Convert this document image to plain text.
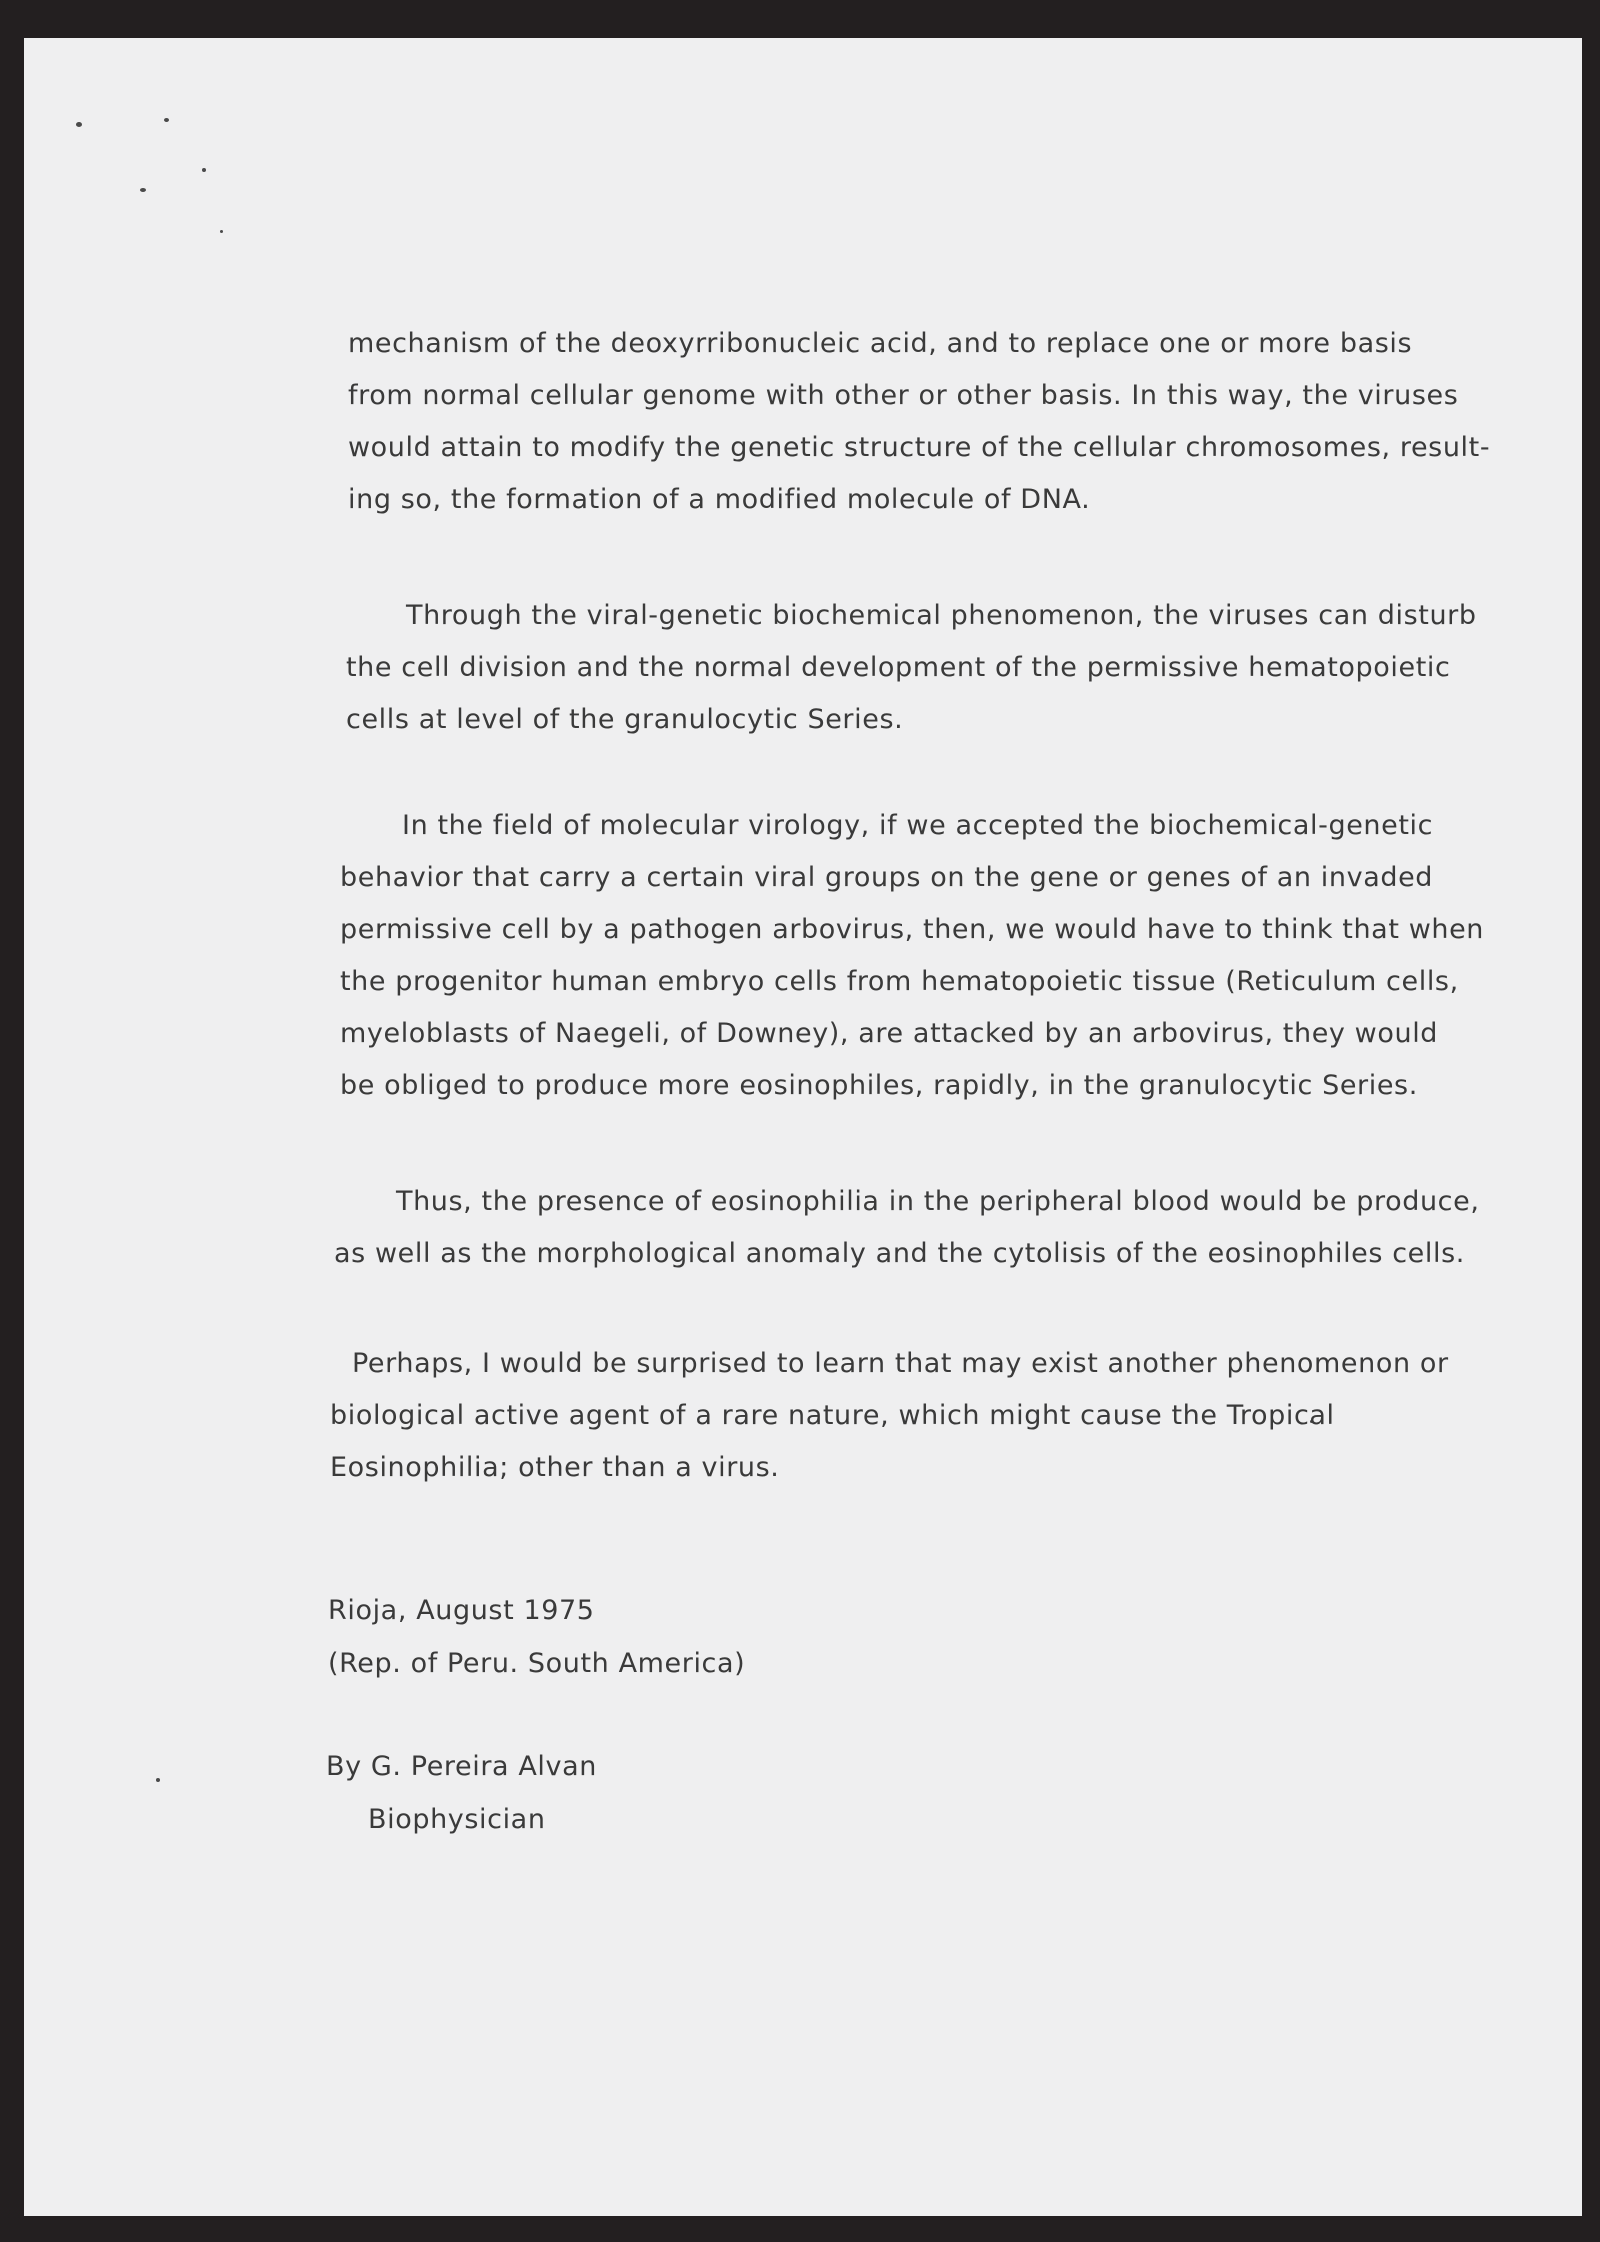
mechanism of the deoxyrribonucleic acid, and to replace one or more basis
from normal cellular genome with other or other basis. In this way, the viruses
would attain to modify the genetic structure of the cellular chromosomes, result-
ing so, the formation of a modified molecule of DNA.
Through the viral-genetic biochemical phenomenon, the viruses can disturb
the cell division and the normal development of the permissive hematopoietic
cells at level of the granulocytic Series.
In the field of molecular virology, if we accepted the biochemical-genetic
behavior that carry a certain viral groups on the gene or genes of an invaded
permissive cell by a pathogen arbovirus, then, we would have to think that when
the progenitor human embryo cells from hematopoietic tissue (Reticulum cells,
myeloblasts of Naegeli, of Downey), are attacked by an arbovirus, they would
be obliged to produce more eosinophiles, rapidly, in the granulocytic Series.
Thus, the presence of eosinophilia in the peripheral blood would be produce,
as well as the morphological anomaly and the cytolisis of the eosinophiles cells.
Perhaps, I would be surprised to learn that may exist another phenomenon or
biological active agent of a rare nature, which might cause the Tropical
Eosinophilia; other than a virus.
Rioja, August 1975
(Rep. of Peru. South America)
By G. Pereira Alvan
Biophysician
